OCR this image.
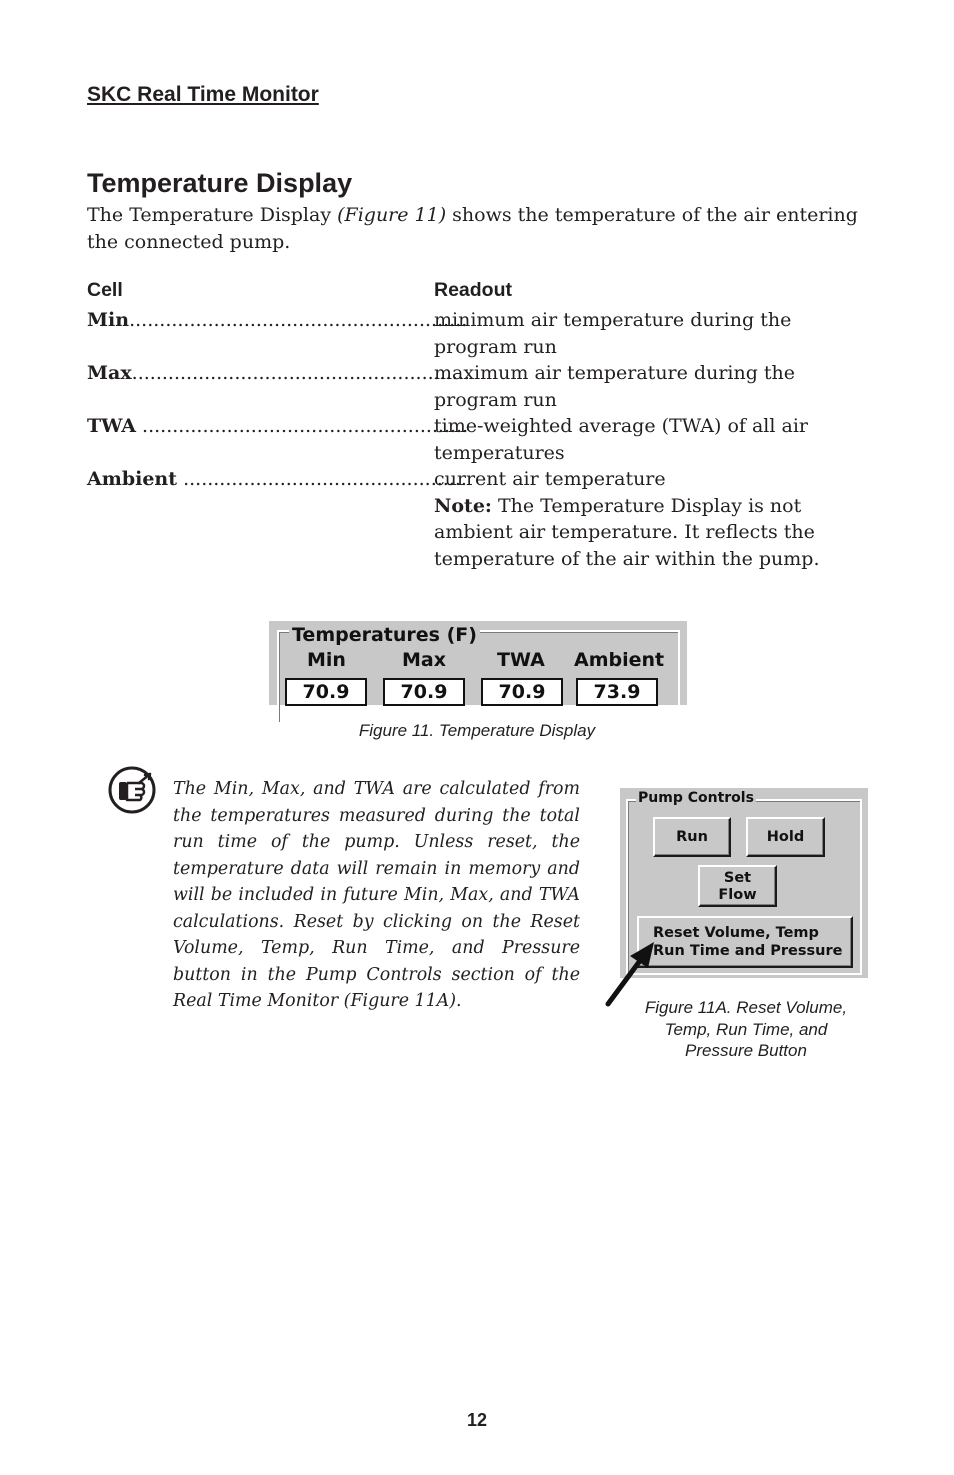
SKC Real Time Monitor
Temperature Display
The Temperature Display (Figure 11) shows the temperature of the air entering the connected pump.
Cell	Readout
Min........................................................
minimum air temperature during the program run
Max........................................................
maximum air temperature during the program run
TWA ......................................................
time-weighted average (TWA) of all air temperatures
Ambient ...............................................
current air temperature
Note: The Temperature Display is not ambient air temperature. It reflects the temperature of the air within the pump.
Temperatures (F)
Min	Max	TWA Ambient
70.9	70.9	70.9	73.9
Figure 11. Temperature Display
The Min, Max, and TWA are calculated from the temperatures measured during the total run time of the pump. Unless reset, the temperature data will remain in memory and will be included in future Min, Max, and TWA calculations. Reset by clicking on the Reset Volume, Temp, Run Time, and Pressure button in the Pump Controls section of the Real Time Monitor (Figure 11A).
Pump Controls
Run	Hold
Set
Flow
Reset Volume, Temp
Run Time and Pressure
Figure 11A. Reset Volume,
Temp, Run Time, and
Pressure Button
12
